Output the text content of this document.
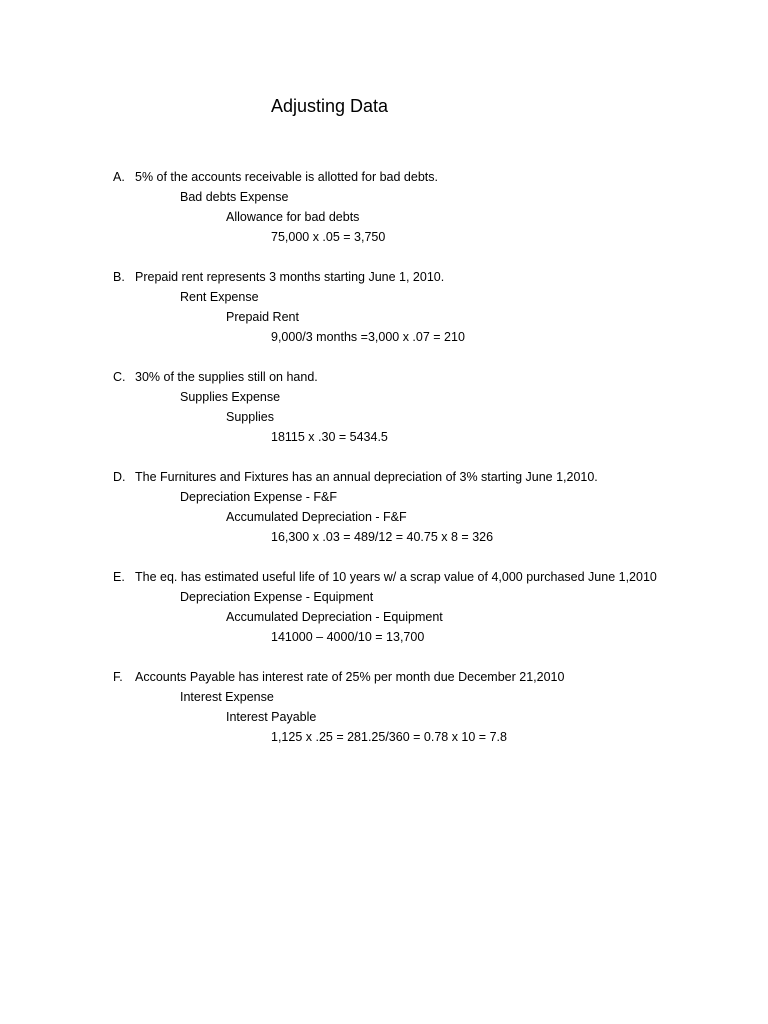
Adjusting Data
A. 5% of the accounts receivable is allotted for bad debts.
Bad debts Expense
Allowance for bad debts
75,000 x .05 = 3,750
B. Prepaid rent represents 3 months starting June 1, 2010.
Rent Expense
Prepaid Rent
9,000/3 months =3,000 x .07 = 210
C. 30% of the supplies still on hand.
Supplies Expense
Supplies
18115 x .30 = 5434.5
D. The Furnitures and Fixtures has an annual depreciation of 3% starting June 1,2010.
Depreciation Expense - F&F
Accumulated Depreciation - F&F
16,300 x .03 = 489/12 = 40.75 x 8 = 326
E. The eq. has estimated useful life of 10 years w/ a scrap value of 4,000 purchased June 1,2010
Depreciation Expense - Equipment
Accumulated Depreciation - Equipment
141000 – 4000/10 = 13,700
F. Accounts Payable has interest rate of 25% per month due December 21,2010
Interest Expense
Interest Payable
1,125 x .25 = 281.25/360 = 0.78 x 10 = 7.8
